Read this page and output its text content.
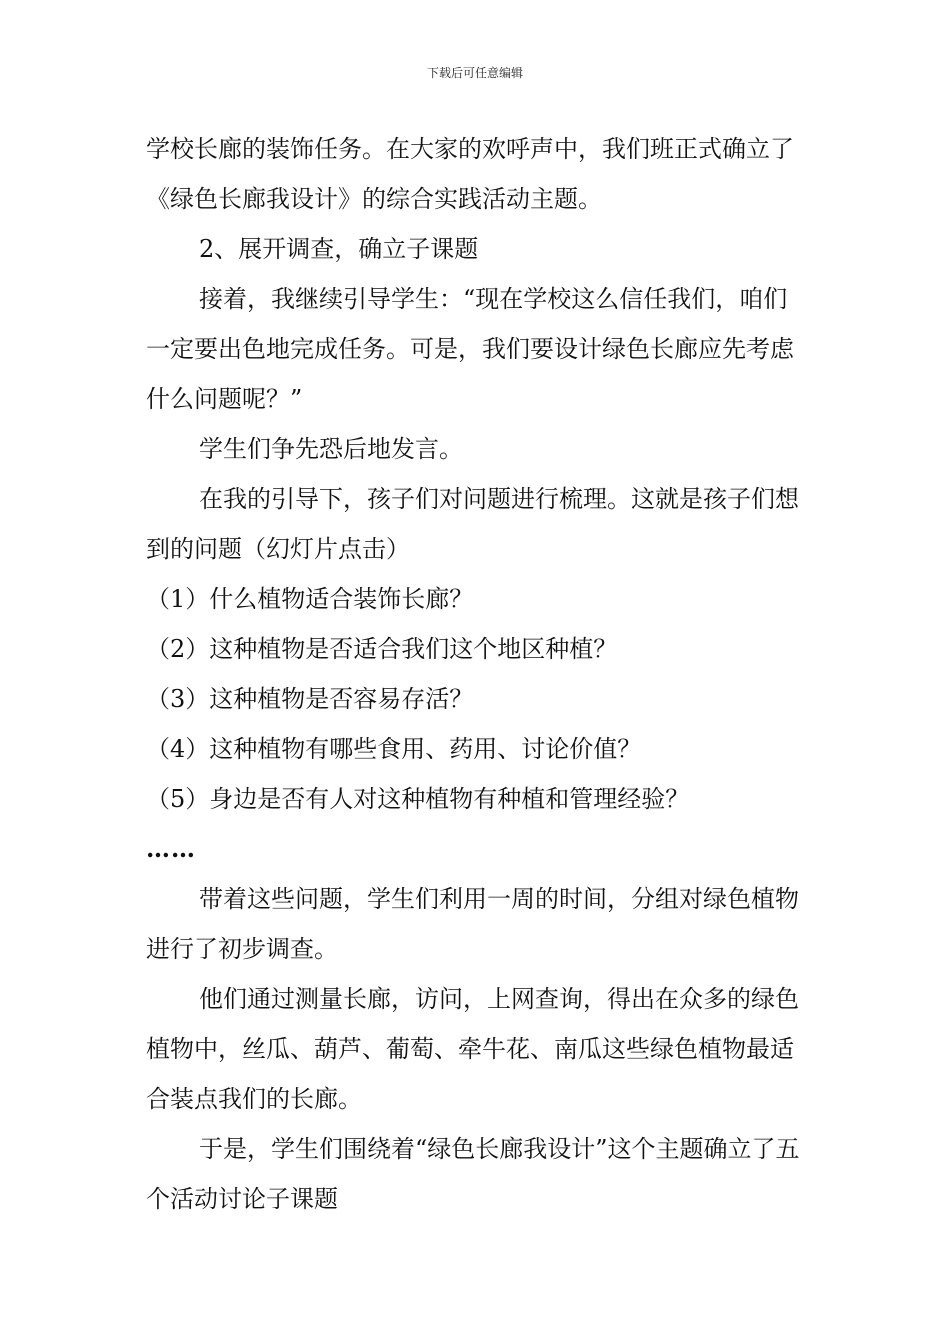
下载后可任意编辑

学校长廊的装饰任务。在大家的欢呼声中，我们班正式确立了《绿色长廊我设计》的综合实践活动主题。

2、展开调查，确立子课题

接着，我继续引导学生：“现在学校这么信任我们，咱们一定要出色地完成任务。可是，我们要设计绿色长廊应先考虑什么问题呢？”

学生们争先恐后地发言。

在我的引导下，孩子们对问题进行梳理。这就是孩子们想到的问题（幻灯片点击）

（1）什么植物适合装饰长廊？

（2）这种植物是否适合我们这个地区种植？

（3）这种植物是否容易存活？

（4）这种植物有哪些食用、药用、讨论价值？

（5）身边是否有人对这种植物有种植和管理经验？

……

带着这些问题，学生们利用一周的时间，分组对绿色植物进行了初步调查。

他们通过测量长廊，访问，上网查询，得出在众多的绿色植物中，丝瓜、葫芦、葡萄、牵牛花、南瓜这些绿色植物最适合装点我们的长廊。

于是，学生们围绕着“绿色长廊我设计”这个主题确立了五个活动讨论子课题
